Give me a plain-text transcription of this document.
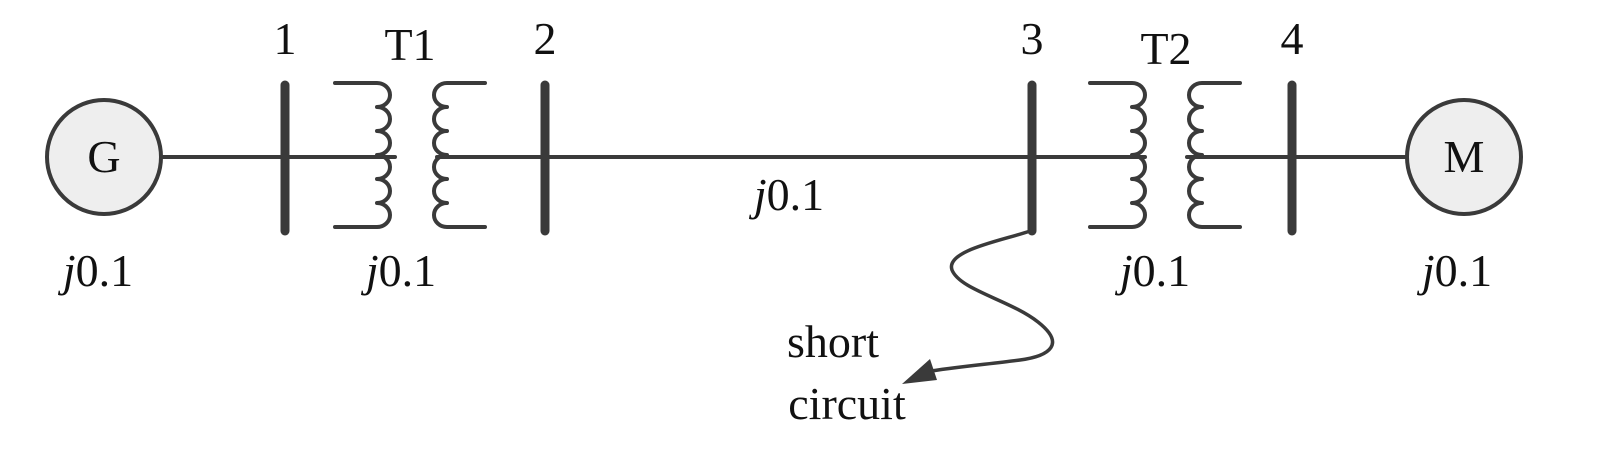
G	M
1	2	3	4
T1	T2
j0.1	j0.1
j0.1
j0.1	j0.1
short
circuit
